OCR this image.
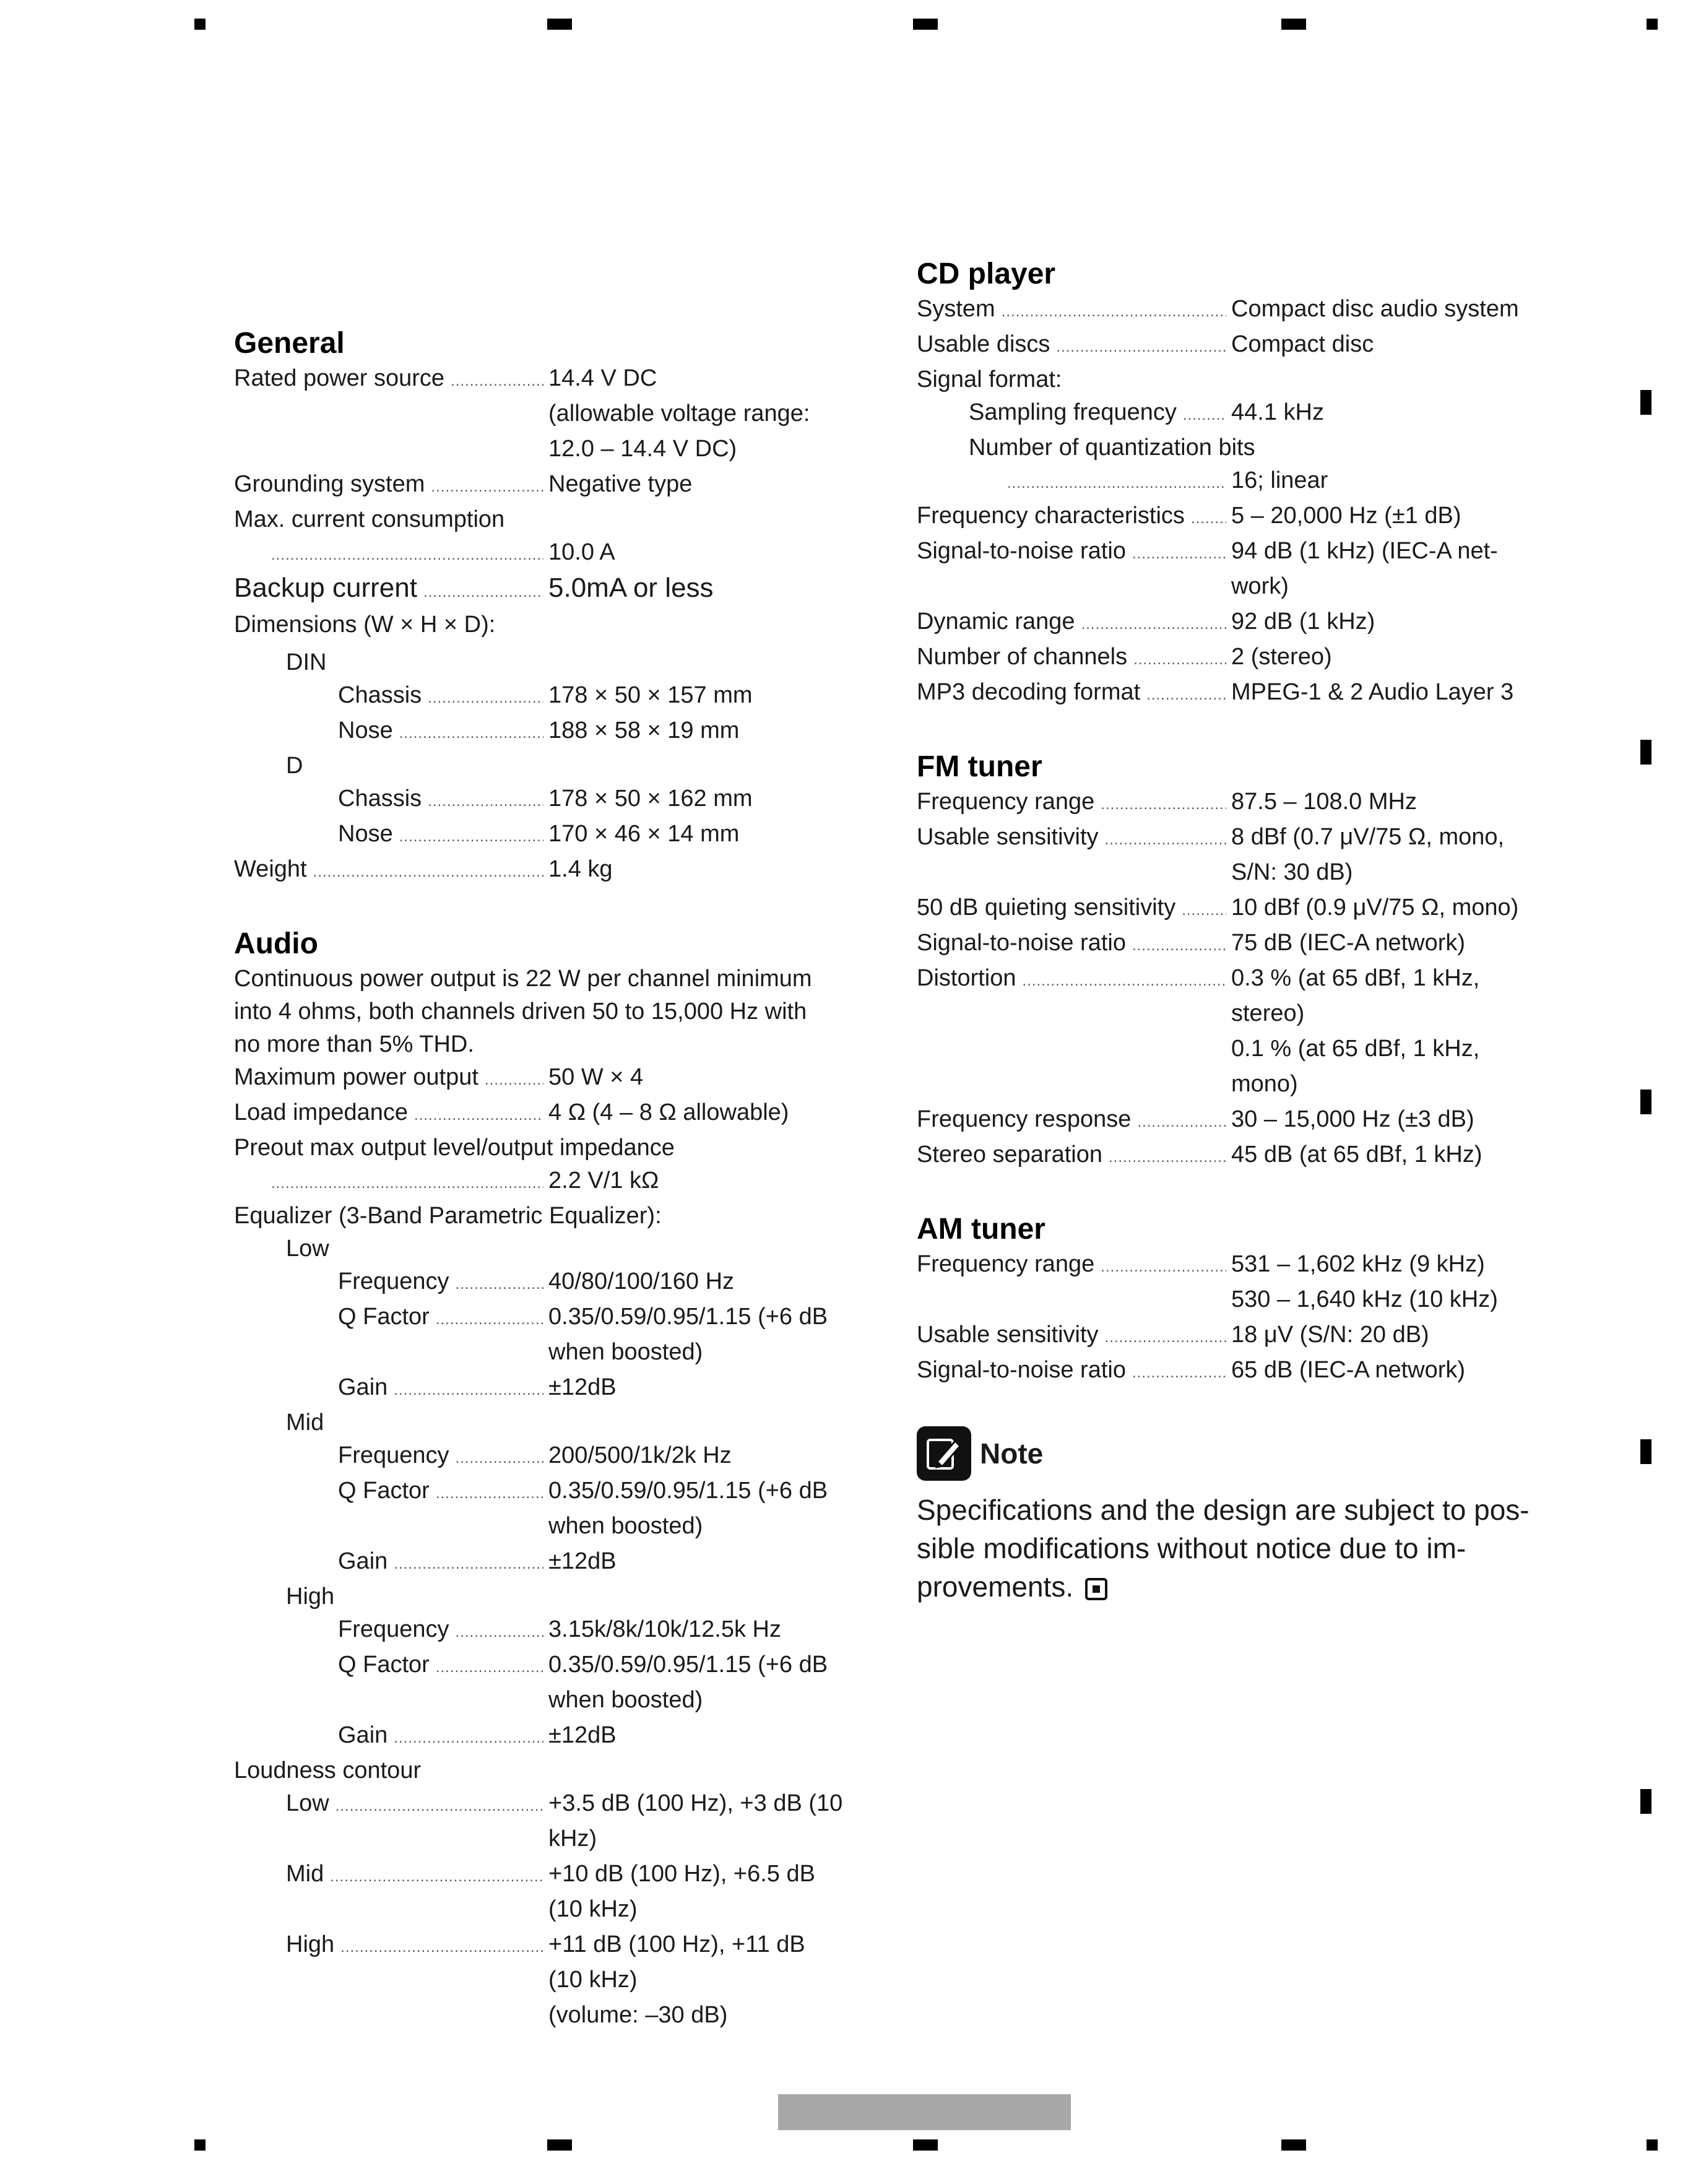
General
Rated power source .....	14.4 V DC
(allowable voltage range:
12.0 – 14.4 V DC)
Grounding system .....	Negative type
Max. current consumption
.....
10.0 A
Backup current .....	5.0mA or less
Dimensions (W × H × D):
DIN
Chassis .....	178 × 50 × 157 mm
Nose .....	188 × 58 × 19 mm
D
Chassis .....	178 × 50 × 162 mm
Nose .....	170 × 46 × 14 mm
Weight .....	1.4 kg
Audio
Continuous power output is 22 W per channel minimum
into 4 ohms, both channels driven 50 to 15,000 Hz with
no more than 5% THD.
Maximum power output .....	50 W × 4
Load impedance .....	4 Ω (4 – 8 Ω allowable)
Preout max output level/output impedance
.....
2.2 V/1 kΩ
Equalizer (3-Band Parametric Equalizer):
Low
Frequency .....	40/80/100/160 Hz
Q Factor .....	0.35/0.59/0.95/1.15 (+6 dB
when boosted)
Gain .....	±12dB
Mid
Frequency .....	200/500/1k/2k Hz
Q Factor .....	0.35/0.59/0.95/1.15 (+6 dB
when boosted)
Gain .....	±12dB
High
Frequency .....	3.15k/8k/10k/12.5k Hz
Q Factor .....	0.35/0.59/0.95/1.15 (+6 dB
when boosted)
Gain .....	±12dB
Loudness contour
Low .....	+3.5 dB (100 Hz), +3 dB (10
kHz)
Mid .....	+10 dB (100 Hz), +6.5 dB
(10 kHz)
High .....	+11 dB (100 Hz), +11 dB
(10 kHz)
(volume: –30 dB)
CD player
System .....	Compact disc audio system
Usable discs .....	Compact disc
Signal format:
Sampling frequency ..... 44.1 kHz
Number of quantization bits
.....
16; linear
Frequency characteristics ..... 5 – 20,000 Hz (±1 dB)
Signal-to-noise ratio .....	94 dB (1 kHz) (IEC-A net-
work)
Dynamic range .....	92 dB (1 kHz)
Number of channels .....	2 (stereo)
MP3 decoding format .....	MPEG-1 & 2 Audio Layer 3
FM tuner
Frequency range .....	87.5 – 108.0 MHz
Usable sensitivity .....	8 dBf (0.7 μV/75 Ω, mono,
S/N: 30 dB)
50 dB quieting sensitivity ..... 10 dBf (0.9 μV/75 Ω, mono)
Signal-to-noise ratio .....	75 dB (IEC-A network)
Distortion .....	0.3 % (at 65 dBf, 1 kHz,
stereo)
0.1 % (at 65 dBf, 1 kHz,
mono)
Frequency response .....	30 – 15,000 Hz (±3 dB)
Stereo separation .....	45 dB (at 65 dBf, 1 kHz)
AM tuner
Frequency range .....	531 – 1,602 kHz (9 kHz)
530 – 1,640 kHz (10 kHz)
Usable sensitivity .....	18 μV (S/N: 20 dB)
Signal-to-noise ratio .....	65 dB (IEC-A network)
Note
Specifications and the design are subject to pos-
sible modifications without notice due to im-
provements.
